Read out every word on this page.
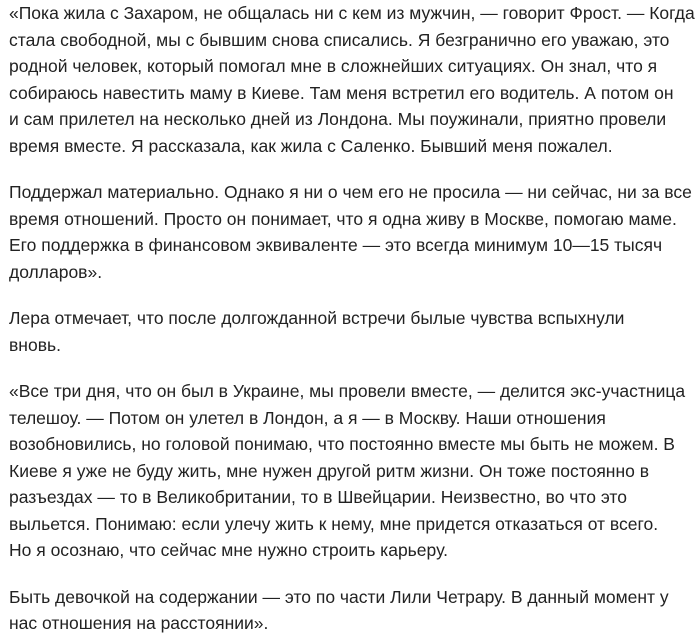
«Пока жила с Захаром, не общалась ни с кем из мужчин, — говорит Фрост. — Когда
стала свободной, мы с бывшим снова списались. Я безгранично его уважаю, это
родной человек, который помогал мне в сложнейших ситуациях. Он знал, что я
собираюсь навестить маму в Киеве. Там меня встретил его водитель. А потом он
и сам прилетел на несколько дней из Лондона. Мы поужинали, приятно провели
время вместе. Я рассказала, как жила с Саленко. Бывший меня пожалел.

Поддержал материально. Однако я ни о чем его не просила — ни сейчас, ни за все
время отношений. Просто он понимает, что я одна живу в Москве, помогаю маме.
Его поддержка в финансовом эквиваленте — это всегда минимум 10—15 тысяч
долларов».

Лера отмечает, что после долгожданной встречи былые чувства вспыхнули
вновь.

«Все три дня, что он был в Украине, мы провели вместе, — делится экс-участница
телешоу. — Потом он улетел в Лондон, а я — в Москву. Наши отношения
возобновились, но головой понимаю, что постоянно вместе мы быть не можем. В
Киеве я уже не буду жить, мне нужен другой ритм жизни. Он тоже постоянно в
разъездах — то в Великобритании, то в Швейцарии. Неизвестно, во что это
выльется. Понимаю: если улечу жить к нему, мне придется отказаться от всего.
Но я осознаю, что сейчас мне нужно строить карьеру.

Быть девочкой на содержании — это по части Лили Четрару. В данный момент у
нас отношения на расстоянии».
